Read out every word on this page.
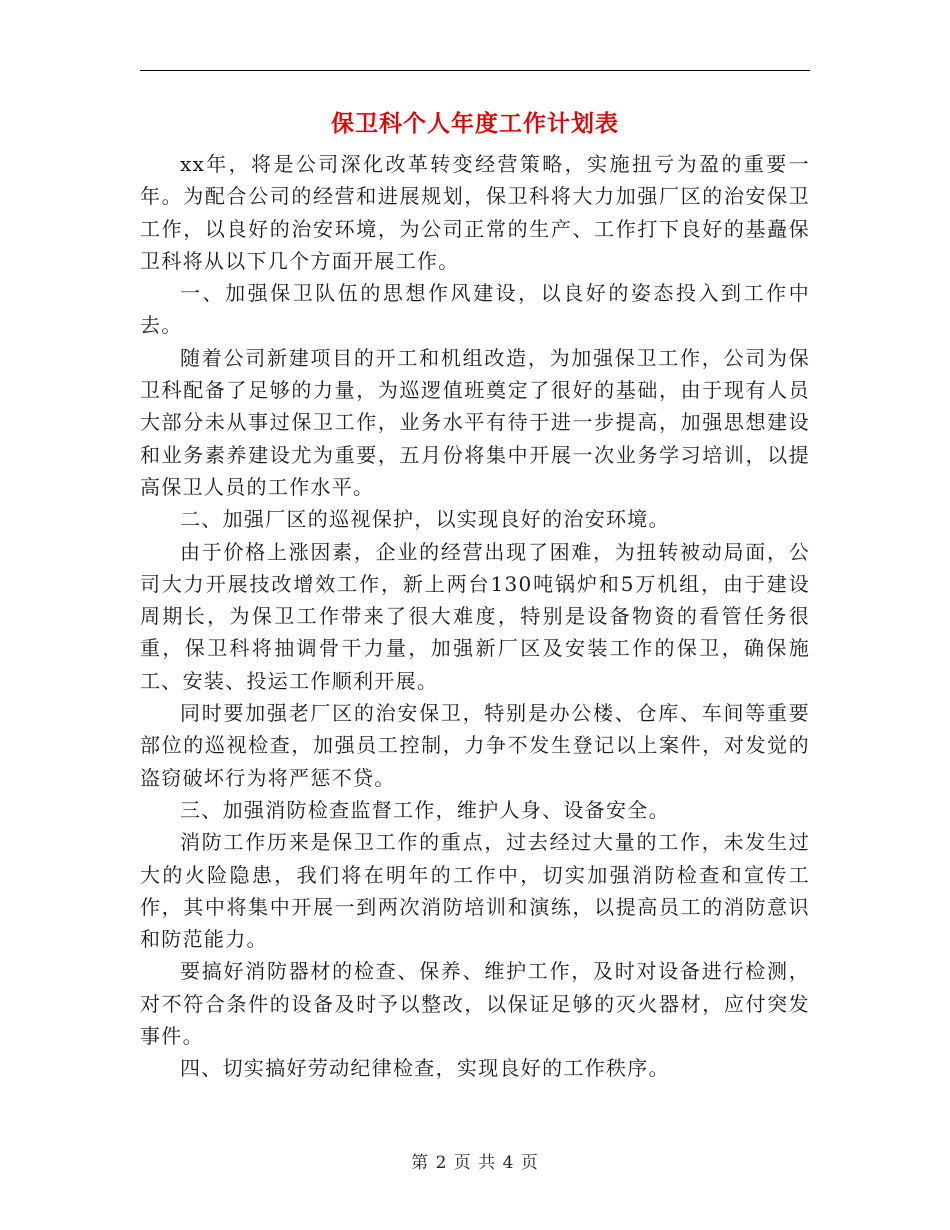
保卫科个人年度工作计划表

xx年，将是公司深化改革转变经营策略，实施扭亏为盈的重要一年。为配合公司的经营和进展规划，保卫科将大力加强厂区的治安保卫工作，以良好的治安环境，为公司正常的生产、工作打下良好的基矗保卫科将从以下几个方面开展工作。

一、加强保卫队伍的思想作风建设，以良好的姿态投入到工作中去。

随着公司新建项目的开工和机组改造，为加强保卫工作，公司为保卫科配备了足够的力量，为巡逻值班奠定了很好的基础，由于现有人员大部分未从事过保卫工作，业务水平有待于进一步提高，加强思想建设和业务素养建设尤为重要，五月份将集中开展一次业务学习培训，以提高保卫人员的工作水平。

二、加强厂区的巡视保护，以实现良好的治安环境。

由于价格上涨因素，企业的经营出现了困难，为扭转被动局面，公司大力开展技改增效工作，新上两台130吨锅炉和5万机组，由于建设周期长，为保卫工作带来了很大难度，特别是设备物资的看管任务很重，保卫科将抽调骨干力量，加强新厂区及安装工作的保卫，确保施工、安装、投运工作顺利开展。

同时要加强老厂区的治安保卫，特别是办公楼、仓库、车间等重要部位的巡视检查，加强员工控制，力争不发生登记以上案件，对发觉的盗窃破坏行为将严惩不贷。

三、加强消防检查监督工作，维护人身、设备安全。

消防工作历来是保卫工作的重点，过去经过大量的工作，未发生过大的火险隐患，我们将在明年的工作中，切实加强消防检查和宣传工作，其中将集中开展一到两次消防培训和演练，以提高员工的消防意识和防范能力。

要搞好消防器材的检查、保养、维护工作，及时对设备进行检测，对不符合条件的设备及时予以整改，以保证足够的灭火器材，应付突发事件。

四、切实搞好劳动纪律检查，实现良好的工作秩序。

第 2 页 共 4 页
